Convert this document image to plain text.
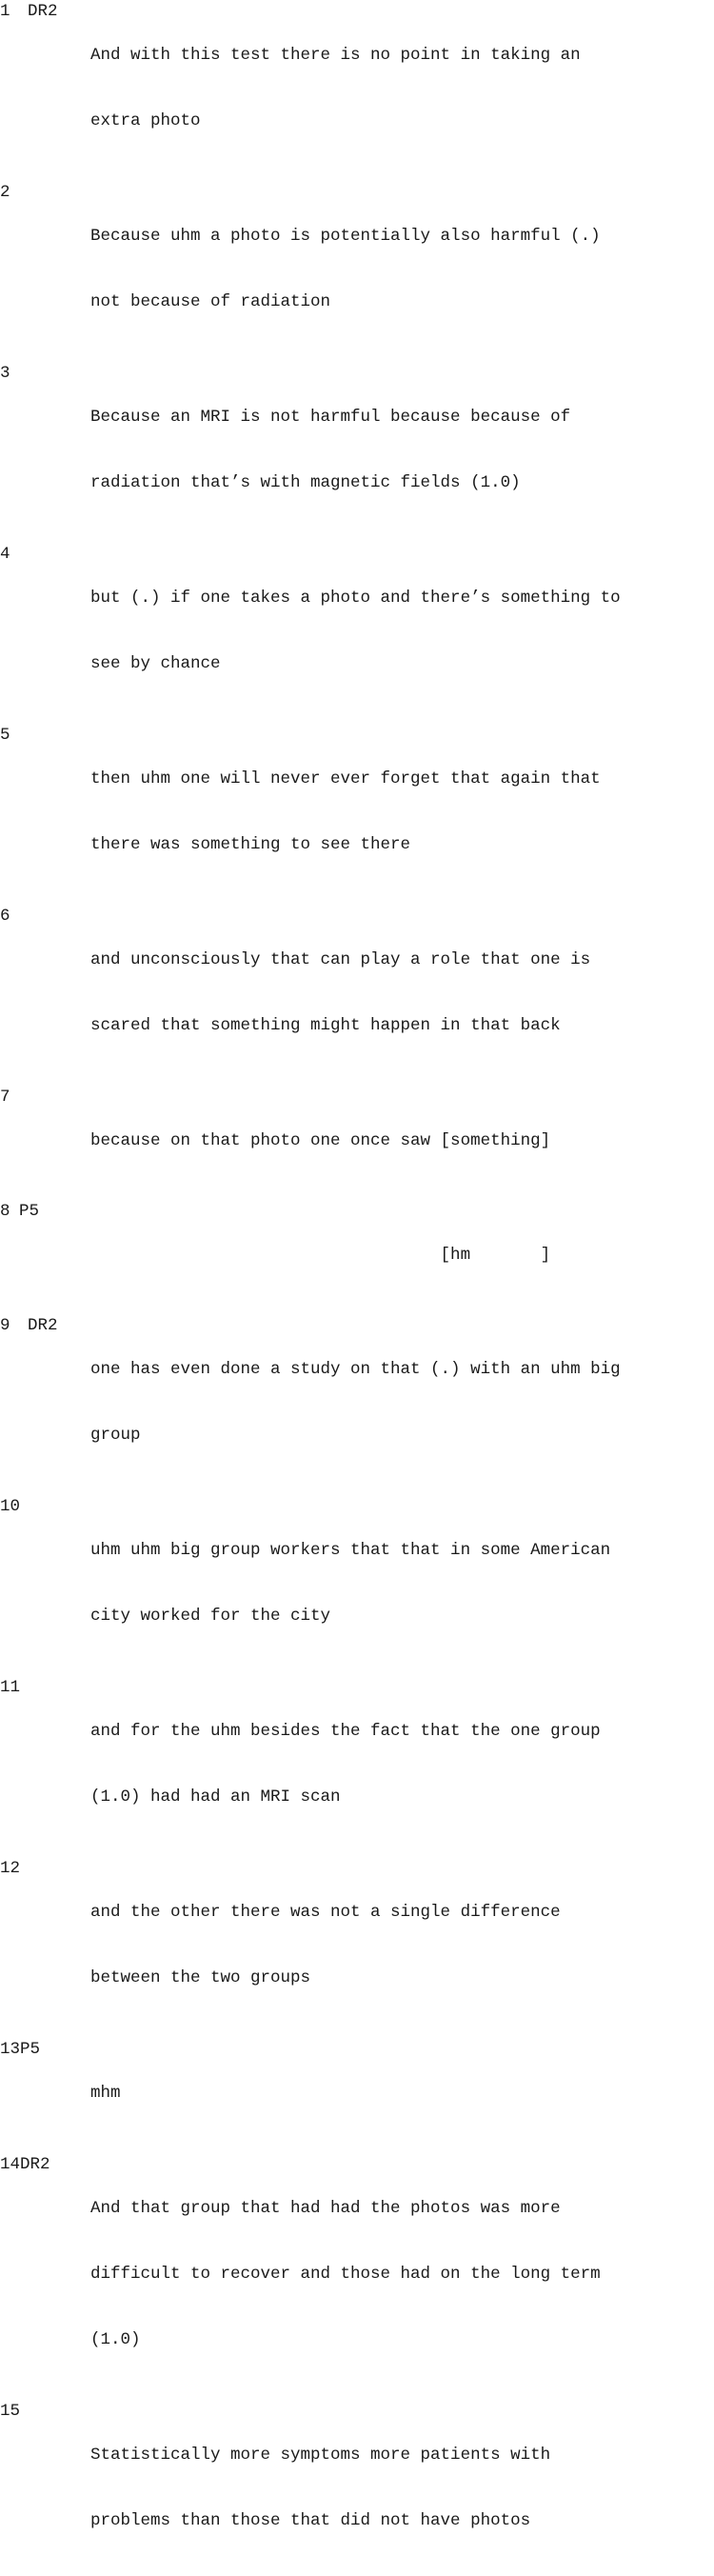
1 DR2

And with this test there is no point in taking an

extra photo

2

Because uhm a photo is potentially also harmful (.)

not because of radiation

3

Because an MRI is not harmful because because of

radiation that’s with magnetic fields (1.0)

4

but (.) if one takes a photo and there’s something to

see by chance

5

then uhm one will never ever forget that again that

there was something to see there

6

and unconsciously that can play a role that one is

scared that something might happen in that back

7

because on that photo one once saw [something]

8 P5

[hm       ]

9 DR2

one has even done a study on that (.) with an uhm big

group

10

uhm uhm big group workers that that in some American

city worked for the city

11

and for the uhm besides the fact that the one group

(1.0) had had an MRI scan

12

and the other there was not a single difference

between the two groups

13 P5

mhm

14 DR2

And that group that had had the photos was more

difficult to recover and those had on the long term

(1.0)

15

Statistically more symptoms more patients with

problems than those that did not have photos
